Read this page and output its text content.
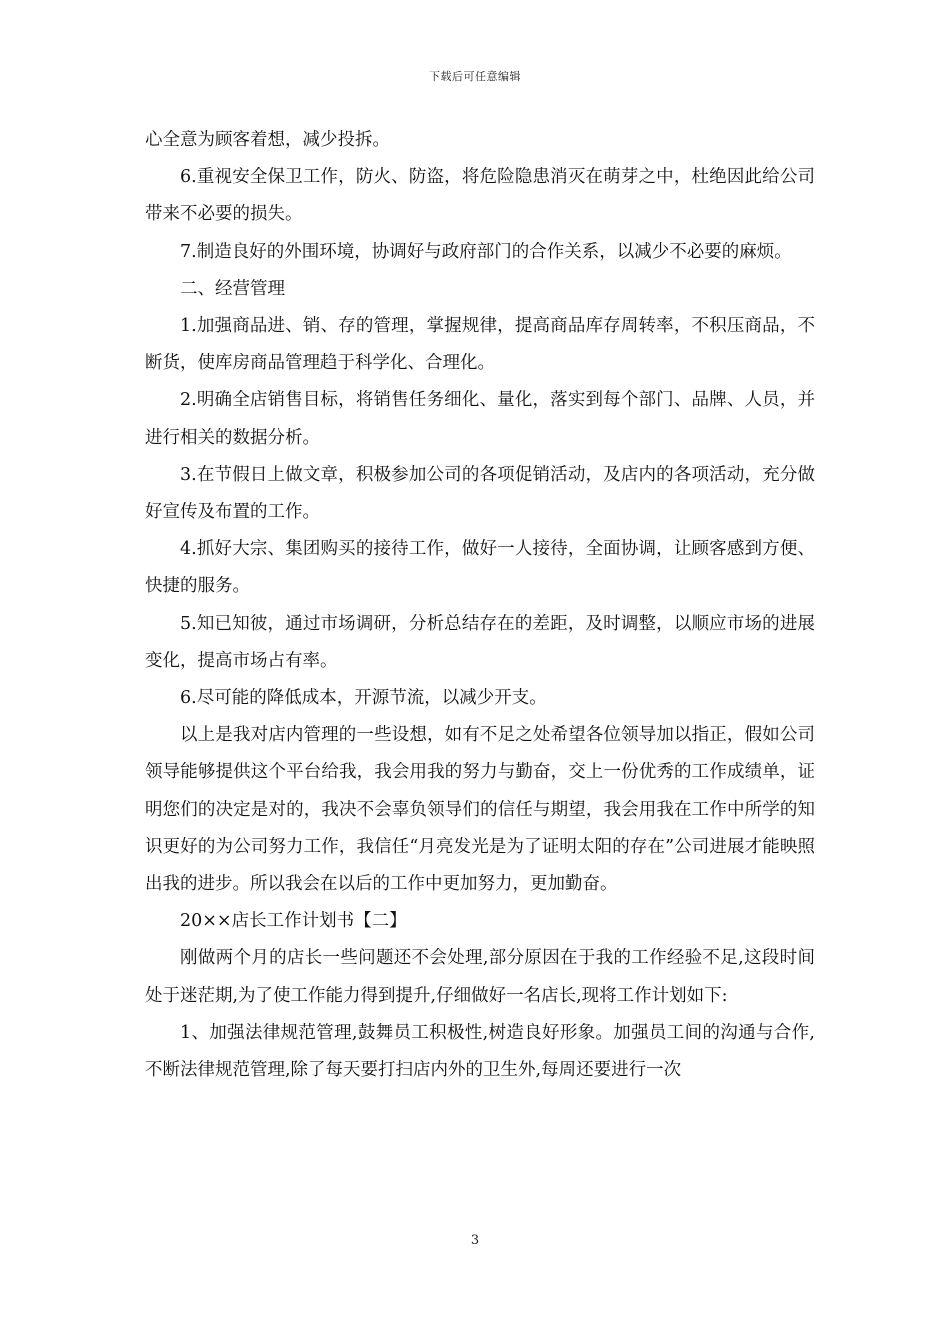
下载后可任意编辑

心全意为顾客着想，减少投拆。

6.重视安全保卫工作，防火、防盗，将危险隐患消灭在萌芽之中，杜绝因此给公司带来不必要的损失。

7.制造良好的外围环境，协调好与政府部门的合作关系，以减少不必要的麻烦。

二、经营管理

1.加强商品进、销、存的管理，掌握规律，提高商品库存周转率，不积压商品，不断货，使库房商品管理趋于科学化、合理化。

2.明确全店销售目标，将销售任务细化、量化，落实到每个部门、品牌、人员，并进行相关的数据分析。

3.在节假日上做文章，积极参加公司的各项促销活动，及店内的各项活动，充分做好宣传及布置的工作。

4.抓好大宗、集团购买的接待工作，做好一人接待，全面协调，让顾客感到方便、快捷的服务。

5.知已知彼，通过市场调研，分析总结存在的差距，及时调整，以顺应市场的进展变化，提高市场占有率。

6.尽可能的降低成本，开源节流，以减少开支。

以上是我对店内管理的一些设想，如有不足之处希望各位领导加以指正，假如公司领导能够提供这个平台给我，我会用我的努力与勤奋，交上一份优秀的工作成绩单，证明您们的决定是对的，我决不会辜负领导们的信任与期望，我会用我在工作中所学的知识更好的为公司努力工作，我信任“月亮发光是为了证明太阳的存在”公司进展才能映照出我的进步。所以我会在以后的工作中更加努力，更加勤奋。

20××店长工作计划书【二】

刚做两个月的店长一些问题还不会处理,部分原因在于我的工作经验不足,这段时间处于迷茫期,为了使工作能力得到提升,仔细做好一名店长,现将工作计划如下:

1、加强法律规范管理,鼓舞员工积极性,树造良好形象。加强员工间的沟通与合作,不断法律规范管理,除了每天要打扫店内外的卫生外,每周还要进行一次

3
